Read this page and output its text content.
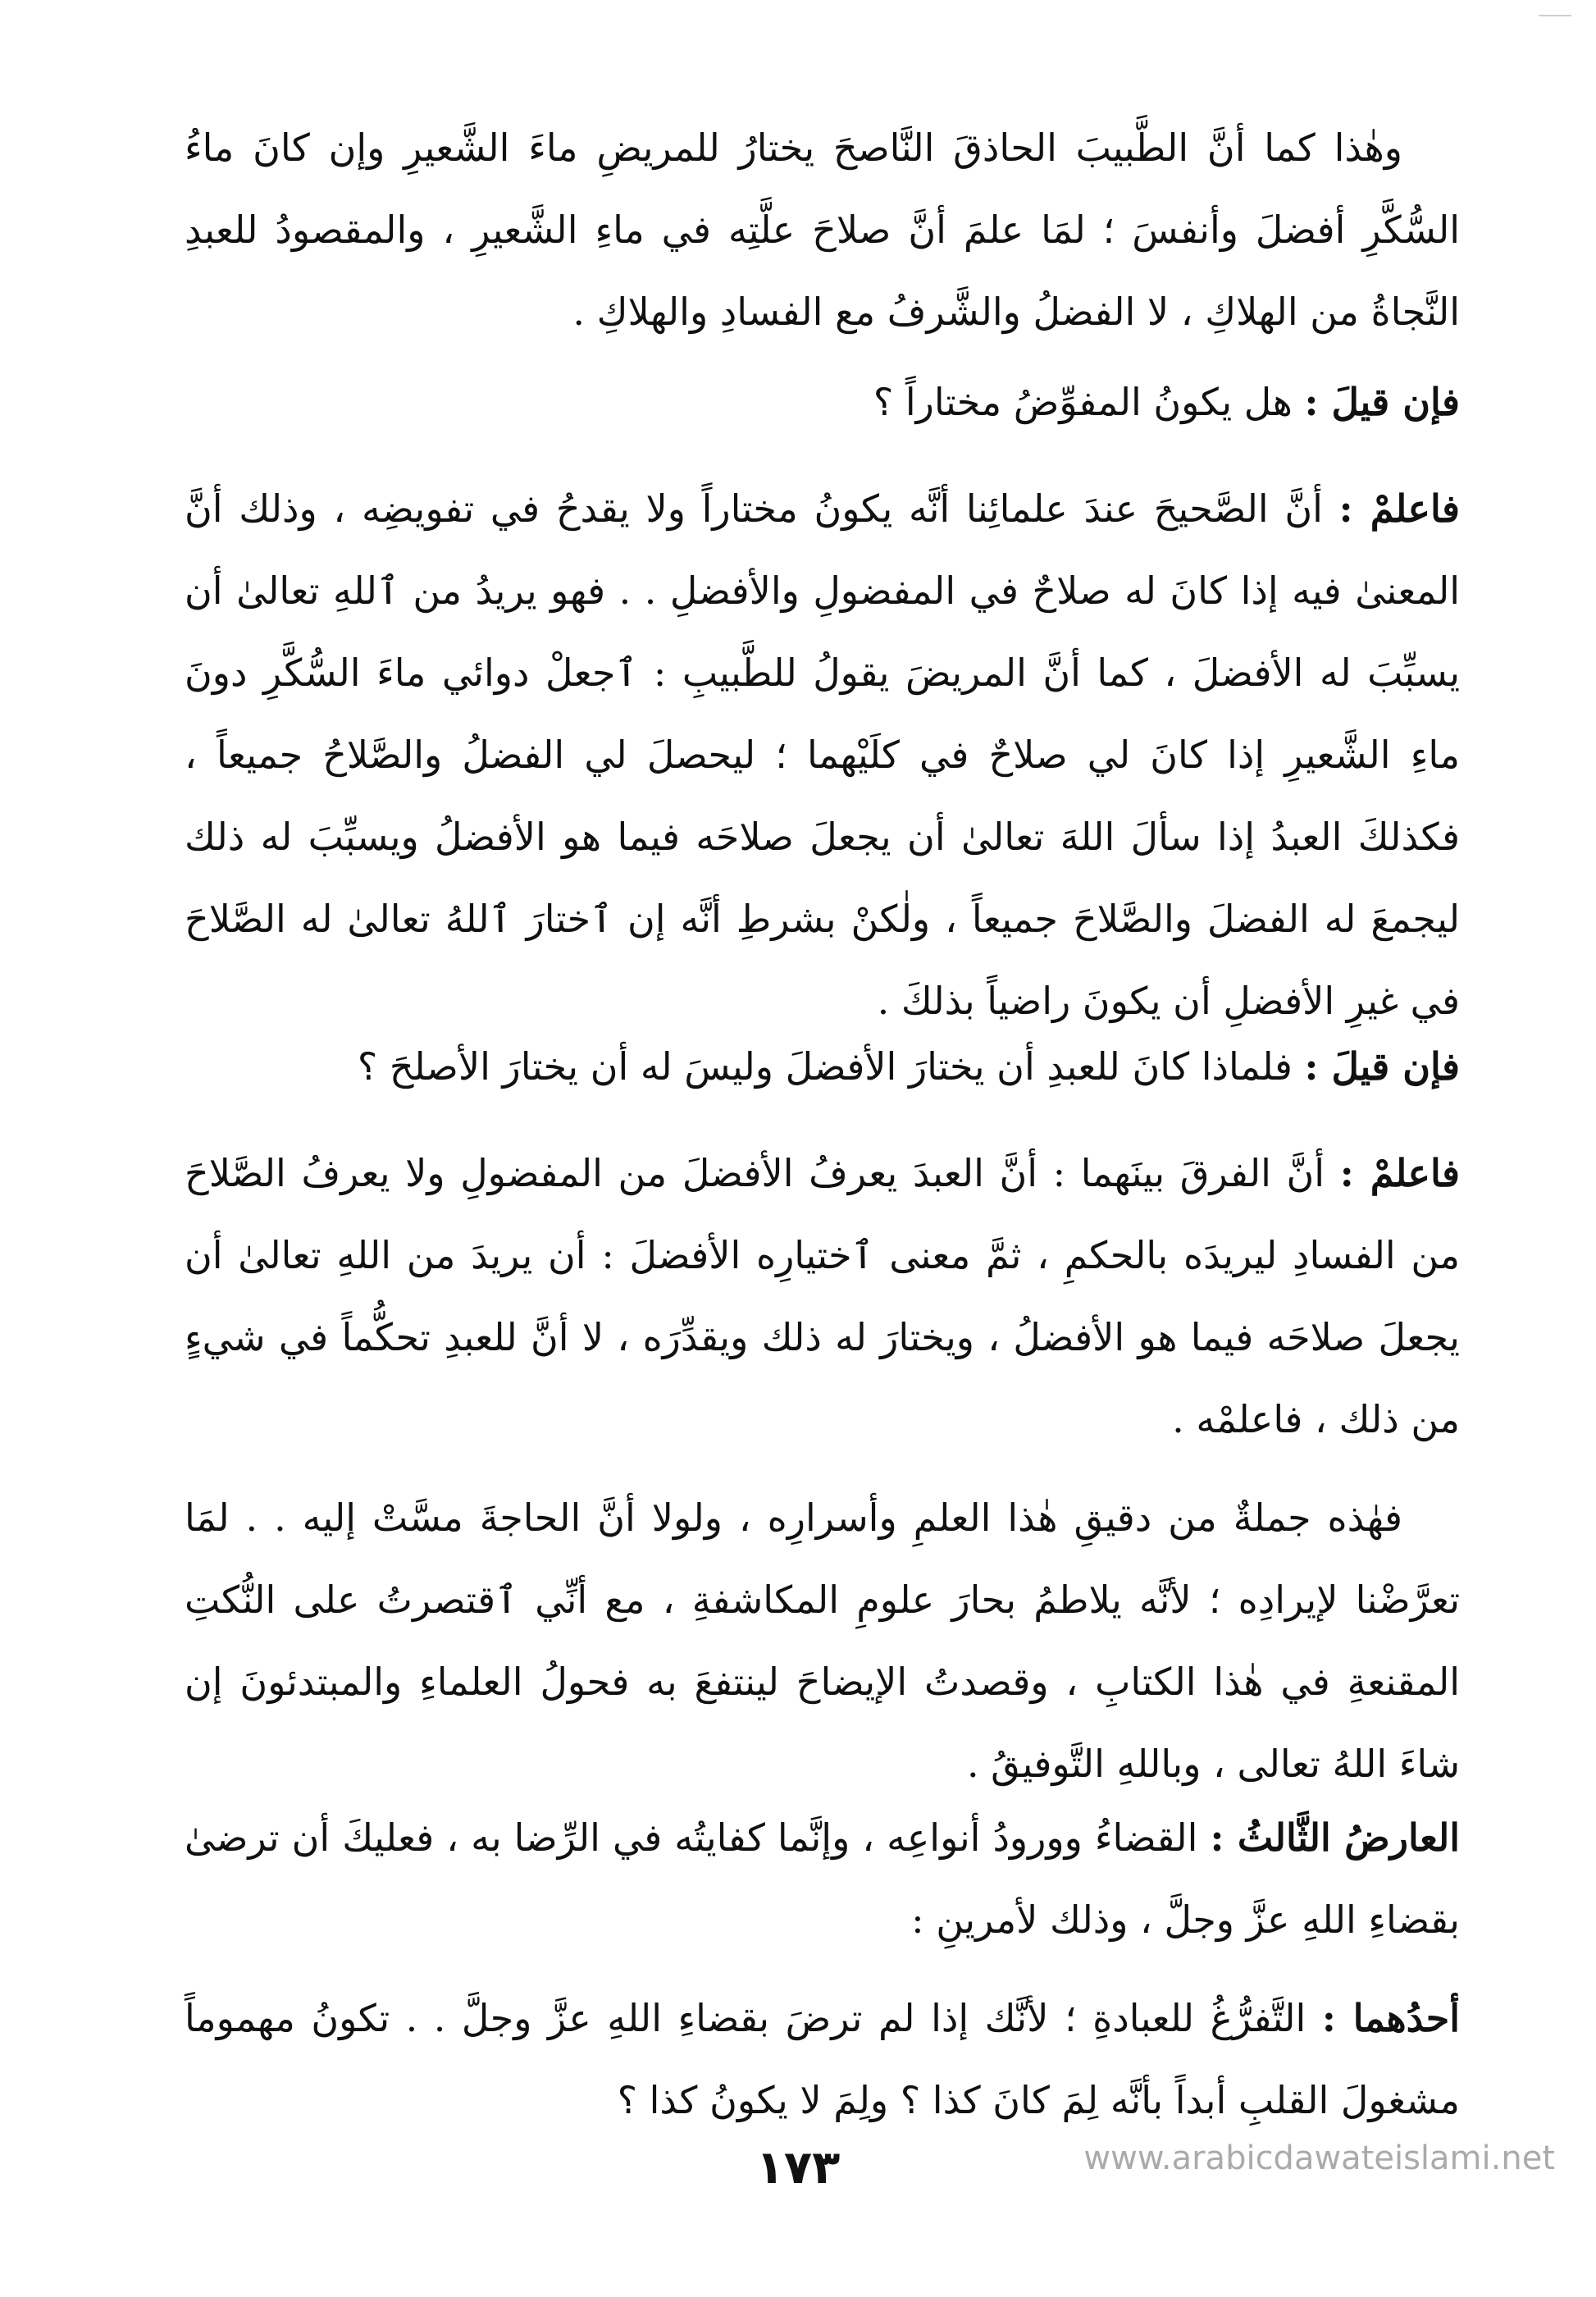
وهٰذا كما أنَّ الطَّبيبَ الحاذقَ النَّاصحَ يختارُ للمريضِ ماءَ الشَّعيرِ وإن كانَ ماءُ السُّكَّرِ أفضلَ وأنفسَ ؛ لمَا علمَ أنَّ صلاحَ علَّتِه في ماءِ الشَّعيرِ ، والمقصودُ للعبدِ النَّجاةُ من الهلاكِ ، لا الفضلُ والشَّرفُ مع الفسادِ والهلاكِ .

فإن قيلَ : هل يكونُ المفوِّضُ مختاراً ؟

فاعلمْ : أنَّ الصَّحيحَ عندَ علمائِنا أنَّه يكونُ مختاراً ولا يقدحُ في تفويضِه ، وذلك أنَّ المعنىٰ فيه إذا كانَ له صلاحٌ في المفضولِ والأفضلِ . . فهو يريدُ من ٱللهِ تعالىٰ أن يسبِّبَ له الأفضلَ ، كما أنَّ المريضَ يقولُ للطَّبيبِ : ٱجعلْ دوائي ماءَ السُّكَّرِ دونَ ماءِ الشَّعيرِ إذا كانَ لي صلاحٌ في كلَيْهما ؛ ليحصلَ لي الفضلُ والصَّلاحُ جميعاً ، فكذلكَ العبدُ إذا سألَ اللهَ تعالىٰ أن يجعلَ صلاحَه فيما هو الأفضلُ ويسبِّبَ له ذلك ليجمعَ له الفضلَ والصَّلاحَ جميعاً ، ولٰكنْ بشرطِ أنَّه إن ٱختارَ ٱللهُ تعالىٰ له الصَّلاحَ في غيرِ الأفضلِ أن يكونَ راضياً بذلكَ .

فإن قيلَ : فلماذا كانَ للعبدِ أن يختارَ الأفضلَ وليسَ له أن يختارَ الأصلحَ ؟

فاعلمْ : أنَّ الفرقَ بينَهما : أنَّ العبدَ يعرفُ الأفضلَ من المفضولِ ولا يعرفُ الصَّلاحَ من الفسادِ ليريدَه بالحكمِ ، ثمَّ معنى ٱختيارِه الأفضلَ : أن يريدَ من اللهِ تعالىٰ أن يجعلَ صلاحَه فيما هو الأفضلُ ، ويختارَ له ذلك ويقدِّرَه ، لا أنَّ للعبدِ تحكُّماً في شيءٍ من ذلك ، فاعلمْه .

فهٰذه جملةٌ من دقيقِ هٰذا العلمِ وأسرارِه ، ولولا أنَّ الحاجةَ مسَّتْ إليه . . لمَا تعرَّضْنا لإيرادِه ؛ لأنَّه يلاطمُ بحارَ علومِ المكاشفةِ ، مع أنِّي ٱقتصرتُ على النُّكتِ المقنعةِ في هٰذا الكتابِ ، وقصدتُ الإيضاحَ لينتفعَ به فحولُ العلماءِ والمبتدئونَ إن شاءَ اللهُ تعالى ، وباللهِ التَّوفيقُ .

العارضُ الثَّالثُ : القضاءُ وورودُ أنواعِه ، وإنَّما كفايتُه في الرِّضا به ، فعليكَ أن ترضىٰ بقضاءِ اللهِ عزَّ وجلَّ ، وذلك لأمرينِ :

أحدُهما : التَّفرُّغُ للعبادةِ ؛ لأنَّك إذا لم ترضَ بقضاءِ اللهِ عزَّ وجلَّ . . تكونُ مهموماً مشغولَ القلبِ أبداً بأنَّه لِمَ كانَ كذا ؟ ولِمَ لا يكونُ كذا ؟

١٧٣	www.arabicdawateislami.net
